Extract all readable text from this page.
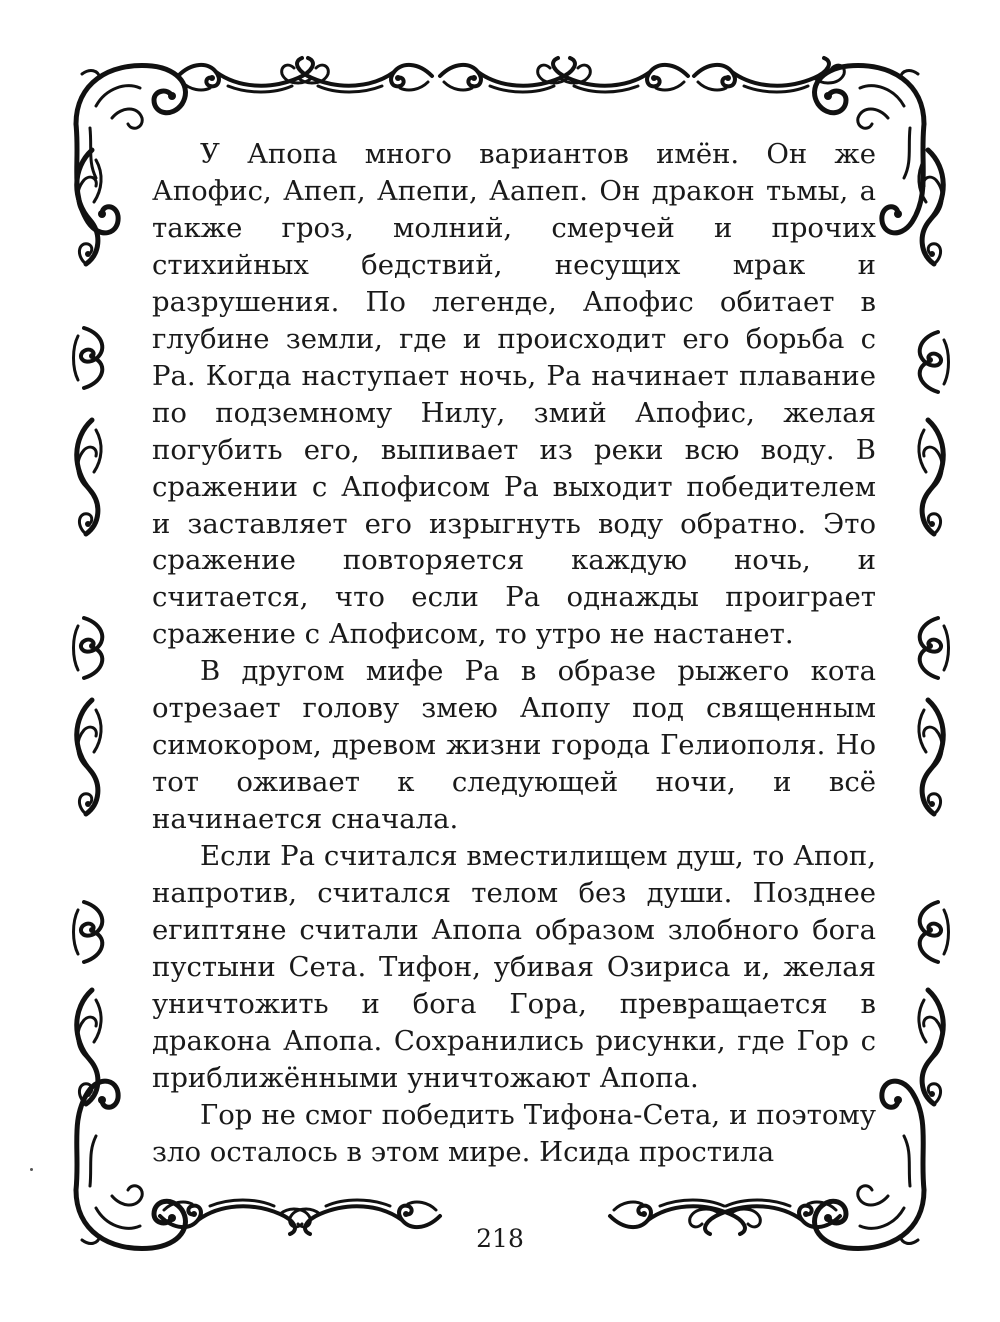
У Апопа много вариантов имён. Он же Апофис, Апеп, Апепи, Аапеп. Он дракон тьмы, а также гроз, молний, смерчей и прочих стихийных бедствий, несущих мрак и разрушения. По легенде, Апофис обитает в глубине земли, где и происходит его борьба с Ра. Когда наступает ночь, Ра начинает плавание по подземному Нилу, змий Апофис, желая погубить его, выпивает из реки всю воду. В сражении с Апофисом Ра выходит победителем и заставляет его изрыгнуть воду обратно. Это сражение повторяется каждую ночь, и считается, что если Ра однажды проиграет сражение с Апофисом, то утро не настанет.

В другом мифе Ра в образе рыжего кота отрезает голову змею Апопу под священным симокором, древом жизни города Гелиополя. Но тот оживает к следующей ночи, и всё начинается сначала.

Если Ра считался вместилищем душ, то Апоп, напротив, считался телом без души. Позднее египтяне считали Апопа образом злобного бога пустыни Сета. Тифон, убивая Озириса и, желая уничтожить и бога Гора, превращается в дракона Апопа. Сохранились рисунки, где Гор с приближёнными уничтожают Апопа.

Гор не смог победить Тифона-Сета, и поэтому зло осталось в этом мире. Исида простила

218
